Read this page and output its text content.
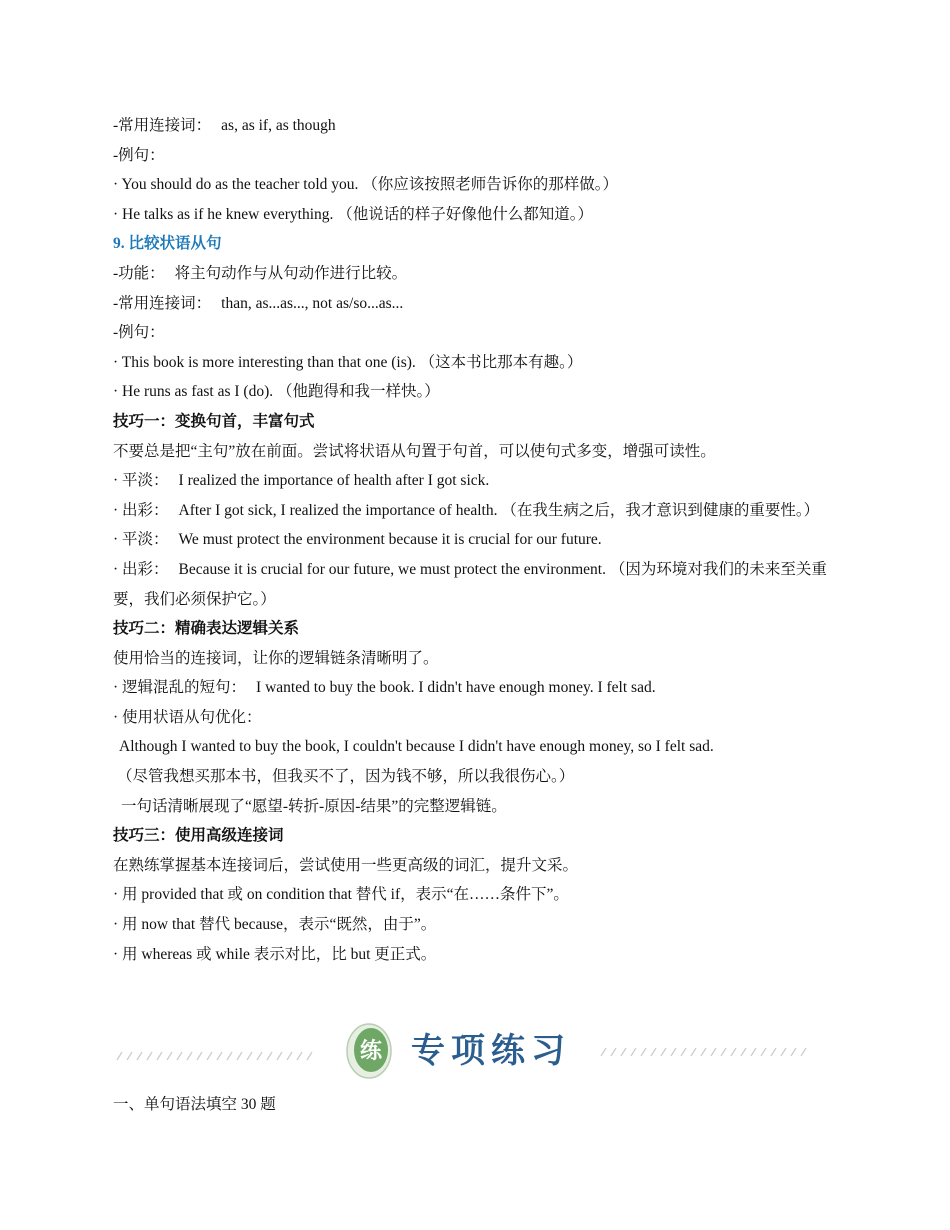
-常用连接词： as, as if, as though
-例句：
· You should do as the teacher told you. （你应该按照老师告诉你的那样做。）
· He talks as if he knew everything. （他说话的样子好像他什么都知道。）
9. 比较状语从句
-功能： 将主句动作与从句动作进行比较。
-常用连接词： than, as...as..., not as/so...as...
-例句：
· This book is more interesting than that one (is). （这本书比那本有趣。）
· He runs as fast as I (do). （他跑得和我一样快。）
技巧一：变换句首，丰富句式
不要总是把“主句”放在前面。尝试将状语从句置于句首，可以使句式多变，增强可读性。
· 平淡： I realized the importance of health after I got sick.
· 出彩： After I got sick, I realized the importance of health. （在我生病之后，我才意识到健康的重要性。）
· 平淡： We must protect the environment because it is crucial for our future.
· 出彩： Because it is crucial for our future, we must protect the environment. （因为环境对我们的未来至关重要，我们必须保护它。）
技巧二：精确表达逻辑关系
使用恰当的连接词，让你的逻辑链条清晰明了。
· 逻辑混乱的短句： I wanted to buy the book. I didn't have enough money. I felt sad.
· 使用状语从句优化：
Although I wanted to buy the book, I couldn't because I didn't have enough money, so I felt sad.
（尽管我想买那本书，但我买不了，因为钱不够，所以我很伤心。）
一句话清晰展现了“愿望-转折-原因-结果”的完整逻辑链。
技巧三：使用高级连接词
在熟练掌握基本连接词后，尝试使用一些更高级的词汇，提升文采。
· 用 provided that 或 on condition that 替代 if，表示“在……条件下”。
· 用 now that 替代 because，表示“既然，由于”。
· 用 whereas 或 while 表示对比，比 but 更正式。
练 专项练习
一、单句语法填空 30 题
